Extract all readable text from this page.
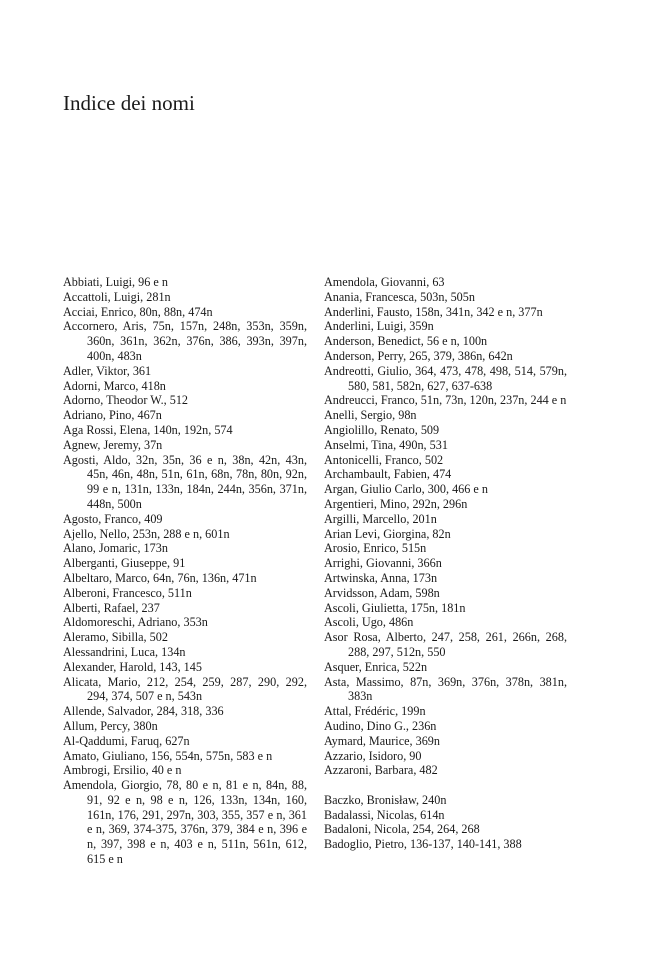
Indice dei nomi
Abbiati, Luigi, 96 e n
Accattoli, Luigi, 281n
Acciai, Enrico, 80n, 88n, 474n
Accornero, Aris, 75n, 157n, 248n, 353n, 359n, 360n, 361n, 362n, 376n, 386, 393n, 397n, 400n, 483n
Adler, Viktor, 361
Adorni, Marco, 418n
Adorno, Theodor W., 512
Adriano, Pino, 467n
Aga Rossi, Elena, 140n, 192n, 574
Agnew, Jeremy, 37n
Agosti, Aldo, 32n, 35n, 36 e n, 38n, 42n, 43n, 45n, 46n, 48n, 51n, 61n, 68n, 78n, 80n, 92n, 99 e n, 131n, 133n, 184n, 244n, 356n, 371n, 448n, 500n
Agosto, Franco, 409
Ajello, Nello, 253n, 288 e n, 601n
Alano, Jomaric, 173n
Alberganti, Giuseppe, 91
Albeltaro, Marco, 64n, 76n, 136n, 471n
Alberoni, Francesco, 511n
Alberti, Rafael, 237
Aldomoreschi, Adriano, 353n
Aleramo, Sibilla, 502
Alessandrini, Luca, 134n
Alexander, Harold, 143, 145
Alicata, Mario, 212, 254, 259, 287, 290, 292, 294, 374, 507 e n, 543n
Allende, Salvador, 284, 318, 336
Allum, Percy, 380n
Al-Qaddumi, Faruq, 627n
Amato, Giuliano, 156, 554n, 575n, 583 e n
Ambrogi, Ersilio, 40 e n
Amendola, Giorgio, 78, 80 e n, 81 e n, 84n, 88, 91, 92 e n, 98 e n, 126, 133n, 134n, 160, 161n, 176, 291, 297n, 303, 355, 357 e n, 361 e n, 369, 374-375, 376n, 379, 384 e n, 396 e n, 397, 398 e n, 403 e n, 511n, 561n, 612, 615 e n
Amendola, Giovanni, 63
Anania, Francesca, 503n, 505n
Anderlini, Fausto, 158n, 341n, 342 e n, 377n
Anderlini, Luigi, 359n
Anderson, Benedict, 56 e n, 100n
Anderson, Perry, 265, 379, 386n, 642n
Andreotti, Giulio, 364, 473, 478, 498, 514, 579n, 580, 581, 582n, 627, 637-638
Andreucci, Franco, 51n, 73n, 120n, 237n, 244 e n
Anelli, Sergio, 98n
Angiolillo, Renato, 509
Anselmi, Tina, 490n, 531
Antonicelli, Franco, 502
Archambault, Fabien, 474
Argan, Giulio Carlo, 300, 466 e n
Argentieri, Mino, 292n, 296n
Argilli, Marcello, 201n
Arian Levi, Giorgina, 82n
Arosio, Enrico, 515n
Arrighi, Giovanni, 366n
Artwinska, Anna, 173n
Arvidsson, Adam, 598n
Ascoli, Giulietta, 175n, 181n
Ascoli, Ugo, 486n
Asor Rosa, Alberto, 247, 258, 261, 266n, 268, 288, 297, 512n, 550
Asquer, Enrica, 522n
Asta, Massimo, 87n, 369n, 376n, 378n, 381n, 383n
Attal, Frédéric, 199n
Audino, Dino G., 236n
Aymard, Maurice, 369n
Azzario, Isidoro, 90
Azzaroni, Barbara, 482
Baczko, Bronisław, 240n
Badalassi, Nicolas, 614n
Badaloni, Nicola, 254, 264, 268
Badoglio, Pietro, 136-137, 140-141, 388
